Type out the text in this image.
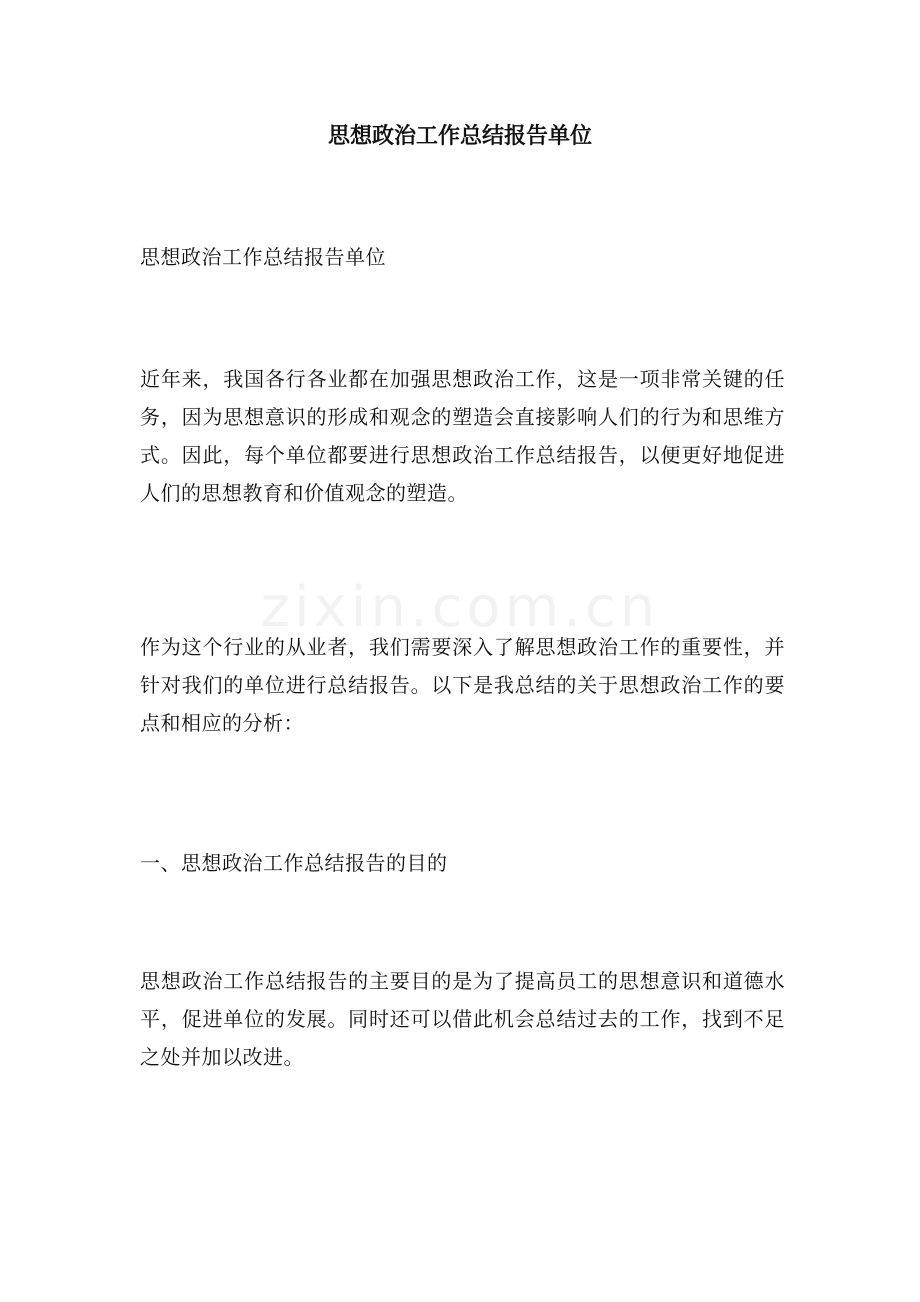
zixin.com.cn
思想政治工作总结报告单位

思想政治工作总结报告单位

近年来，我国各行各业都在加强思想政治工作，这是一项非常关键的任务，因为思想意识的形成和观念的塑造会直接影响人们的行为和思维方式。因此，每个单位都要进行思想政治工作总结报告，以便更好地促进人们的思想教育和价值观念的塑造。

作为这个行业的从业者，我们需要深入了解思想政治工作的重要性，并针对我们的单位进行总结报告。以下是我总结的关于思想政治工作的要点和相应的分析：

一、思想政治工作总结报告的目的

思想政治工作总结报告的主要目的是为了提高员工的思想意识和道德水平，促进单位的发展。同时还可以借此机会总结过去的工作，找到不足之处并加以改进。
